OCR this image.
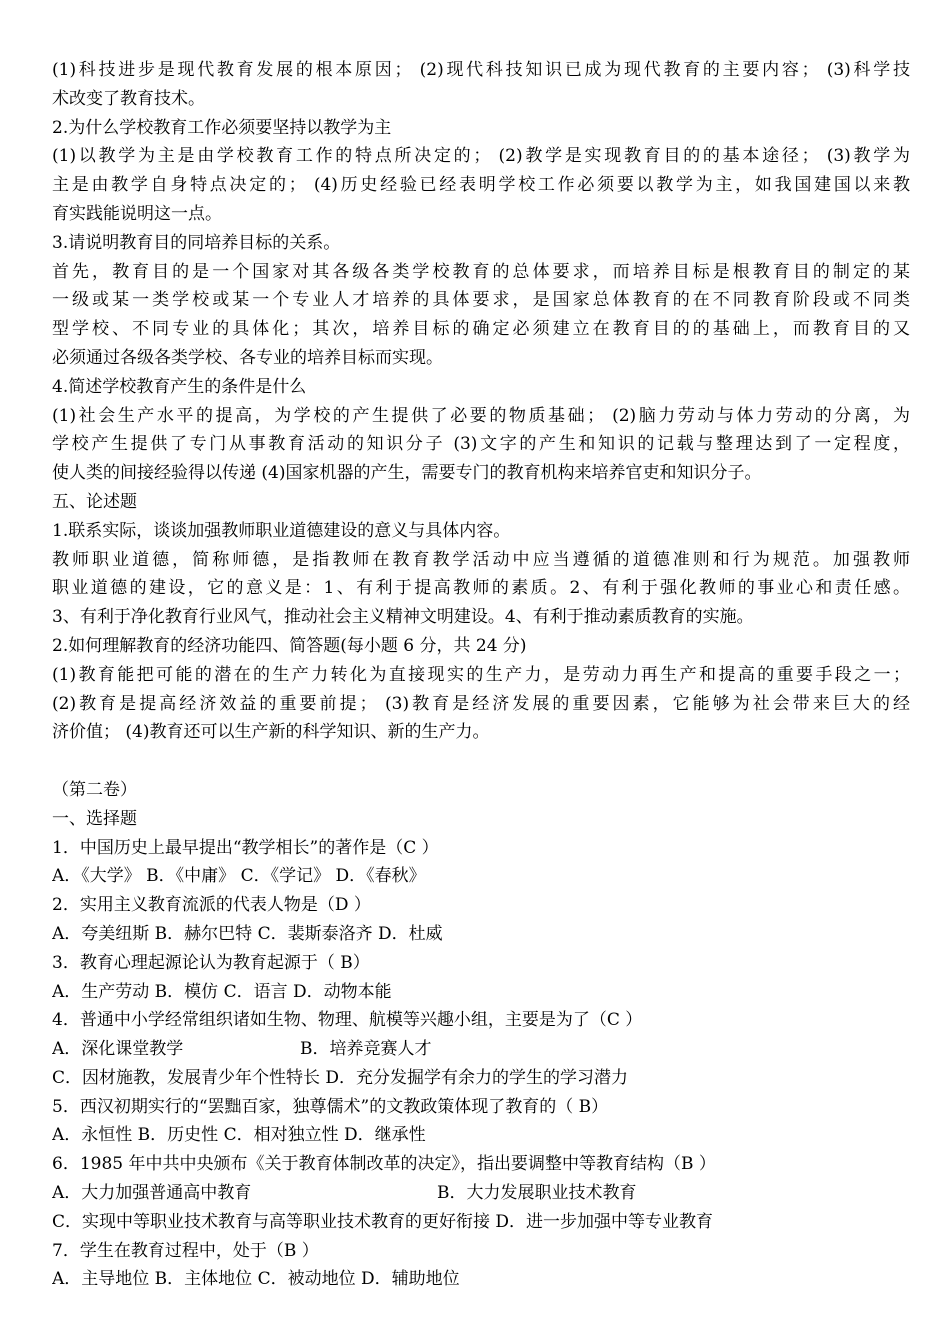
(1)科技进步是现代教育发展的根本原因； (2)现代科技知识已成为现代教育的主要内容； (3)科学技
术改变了教育技术。
2.为什么学校教育工作必须要坚持以教学为主
(1)以教学为主是由学校教育工作的特点所决定的； (2)教学是实现教育目的的基本途径； (3)教学为
主是由教学自身特点决定的； (4)历史经验已经表明学校工作必须要以教学为主，如我国建国以来教
育实践能说明这一点。
3.请说明教育目的同培养目标的关系。
首先，教育目的是一个国家对其各级各类学校教育的总体要求，而培养目标是根教育目的制定的某
一级或某一类学校或某一个专业人才培养的具体要求，是国家总体教育的在不同教育阶段或不同类
型学校、不同专业的具体化；其次，培养目标的确定必须建立在教育目的的基础上，而教育目的又
必须通过各级各类学校、各专业的培养目标而实现。
4.简述学校教育产生的条件是什么
(1)社会生产水平的提高，为学校的产生提供了必要的物质基础； (2)脑力劳动与体力劳动的分离，为
学校产生提供了专门从事教育活动的知识分子 (3)文字的产生和知识的记载与整理达到了一定程度，
使人类的间接经验得以传递 (4)国家机器的产生，需要专门的教育机构来培养官吏和知识分子。
五、论述题
1.联系实际，谈谈加强教师职业道德建设的意义与具体内容。
教师职业道德，简称师德，是指教师在教育教学活动中应当遵循的道德准则和行为规范。加强教师
职业道德的建设，它的意义是：1、有利于提高教师的素质。2、有利于强化教师的事业心和责任感。
3、有利于净化教育行业风气，推动社会主义精神文明建设。4、有利于推动素质教育的实施。
2.如何理解教育的经济功能四、简答题(每小题 6 分，共 24 分)
(1)教育能把可能的潜在的生产力转化为直接现实的生产力，是劳动力再生产和提高的重要手段之一；
(2)教育是提高经济效益的重要前提； (3)教育是经济发展的重要因素，它能够为社会带来巨大的经
济价值； (4)教育还可以生产新的科学知识、新的生产力。
（第二卷）
一、选择题
1．中国历史上最早提出“教学相长”的著作是（C ）
A．《大学》 B．《中庸》 C．《学记》 D．《春秋》
2．实用主义教育流派的代表人物是（D ）
A．夸美纽斯 B．赫尔巴特 C．裴斯泰洛齐 D．杜威
3．教育心理起源论认为教育起源于（ B）
A．生产劳动 B．模仿 C．语言 D．动物本能
4．普通中小学经常组织诸如生物、物理、航模等兴趣小组，主要是为了（C ）
A．深化课堂教学	B．培养竞赛人才
C．因材施教，发展青少年个性特长 D．充分发掘学有余力的学生的学习潜力
5．西汉初期实行的“罢黜百家，独尊儒术”的文教政策体现了教育的（ B）
A．永恒性 B．历史性 C．相对独立性 D．继承性
6．1985 年中共中央颁布《关于教育体制改革的决定》，指出要调整中等教育结构（B ）
A．大力加强普通高中教育	B．大力发展职业技术教育
C．实现中等职业技术教育与高等职业技术教育的更好衔接 D．进一步加强中等专业教育
7．学生在教育过程中，处于（B ）
A．主导地位 B．主体地位 C．被动地位 D．辅助地位
